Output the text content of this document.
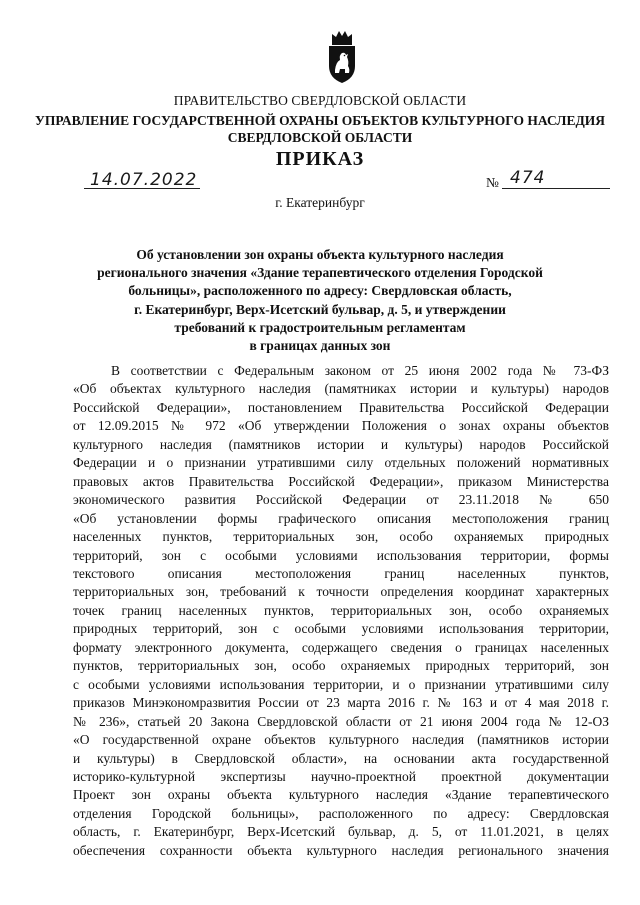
ПРАВИТЕЛЬСТВО СВЕРДЛОВСКОЙ ОБЛАСТИ
УПРАВЛЕНИЕ ГОСУДАРСТВЕННОЙ ОХРАНЫ ОБЪЕКТОВ КУЛЬТУРНОГО НАСЛЕДИЯ
СВЕРДЛОВСКОЙ ОБЛАСТИ
ПРИКАЗ
14.07.2022	№ 474
г. Екатеринбург
Об установлении зон охраны объекта культурного наследия
регионального значения «Здание терапевтического отделения Городской
больницы», расположенного по адресу: Свердловская область,
г. Екатеринбург, Верх-Исетский бульвар, д. 5, и утверждении
требований к градостроительным регламентам
в границах данных зон
В соответствии с Федеральным законом от 25 июня 2002 года № 73-ФЗ
«Об объектах культурного наследия (памятниках истории и культуры) народов
Российской Федерации», постановлением Правительства Российской Федерации
от 12.09.2015 № 972 «Об утверждении Положения о зонах охраны объектов
культурного наследия (памятников истории и культуры) народов Российской
Федерации и о признании утратившими силу отдельных положений нормативных
правовых актов Правительства Российской Федерации», приказом Министерства
экономического развития Российской Федерации от 23.11.2018 № 650
«Об установлении формы графического описания местоположения границ
населенных пунктов, территориальных зон, особо охраняемых природных
территорий, зон с особыми условиями использования территории, формы
текстового описания местоположения границ населенных пунктов,
территориальных зон, требований к точности определения координат характерных
точек границ населенных пунктов, территориальных зон, особо охраняемых
природных территорий, зон с особыми условиями использования территории,
формату электронного документа, содержащего сведения о границах населенных
пунктов, территориальных зон, особо охраняемых природных территорий, зон
с особыми условиями использования территории, и о признании утратившими силу
приказов Минэкономразвития России от 23 марта 2016 г. № 163 и от 4 мая 2018 г.
№ 236», статьей 20 Закона Свердловской области от 21 июня 2004 года № 12-ОЗ
«О государственной охране объектов культурного наследия (памятников истории
и культуры) в Свердловской области», на основании акта государственной
историко-культурной экспертизы научно-проектной проектной документации
Проект зон охраны объекта культурного наследия «Здание терапевтического
отделения Городской больницы», расположенного по адресу: Свердловская
область, г. Екатеринбург, Верх-Исетский бульвар, д. 5, от 11.01.2021, в целях
обеспечения сохранности объекта культурного наследия регионального значения
